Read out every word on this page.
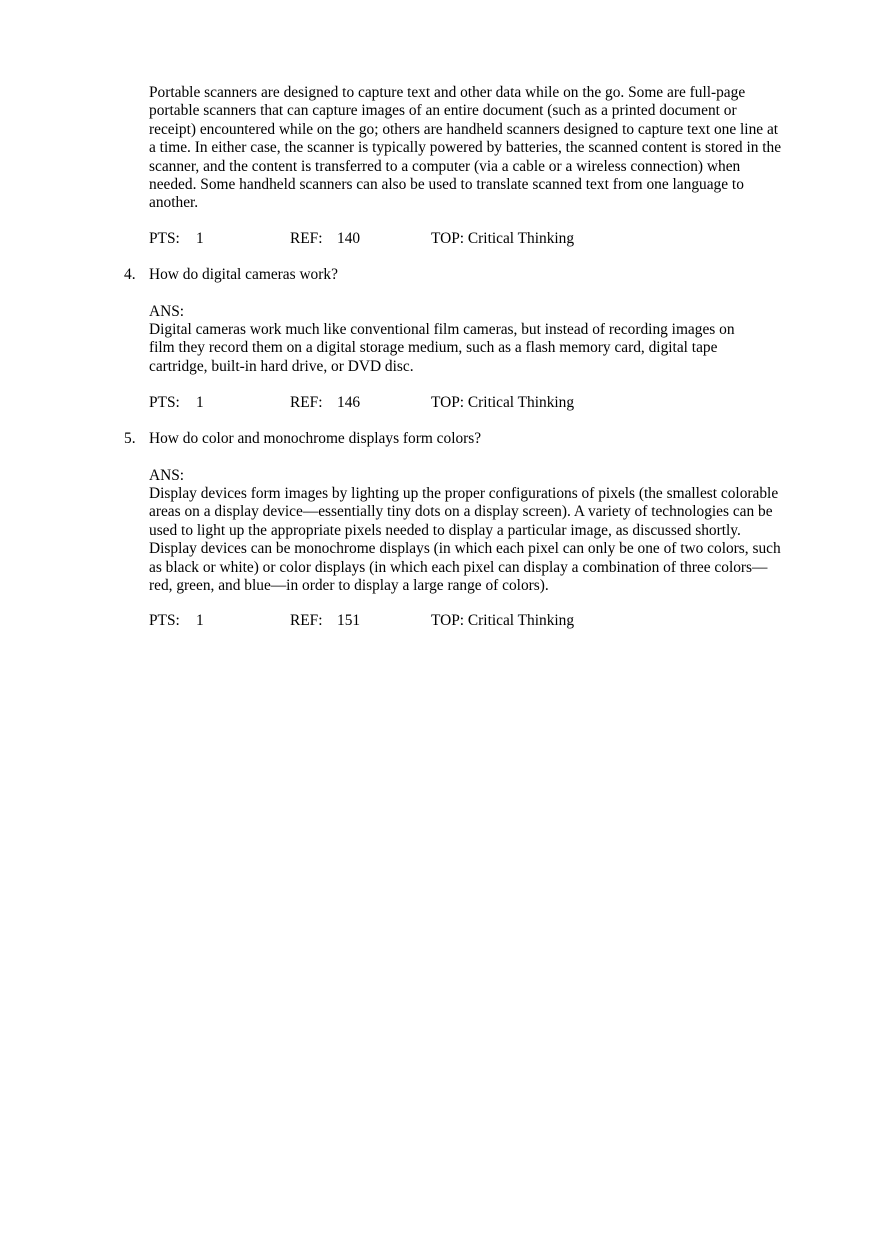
Portable scanners are designed to capture text and other data while on the go. Some are full-page
portable scanners that can capture images of an entire document (such as a printed document or
receipt) encountered while on the go; others are handheld scanners designed to capture text one line at
a time. In either case, the scanner is typically powered by batteries, the scanned content is stored in the
scanner, and the content is transferred to a computer (via a cable or a wireless connection) when
needed. Some handheld scanners can also be used to translate scanned text from one language to
another.

PTS: 1	REF: 140	TOP: Critical Thinking
4. How do digital cameras work?
ANS:

Digital cameras work much like conventional film cameras, but instead of recording images on
film they record them on a digital storage medium, such as a flash memory card, digital tape
cartridge, built-in hard drive, or DVD disc.

PTS: 1	REF: 146	TOP: Critical Thinking
5. How do color and monochrome displays form colors?
ANS:

Display devices form images by lighting up the proper configurations of pixels (the smallest colorable
areas on a display device—essentially tiny dots on a display screen). A variety of technologies can be
used to light up the appropriate pixels needed to display a particular image, as discussed shortly.
Display devices can be monochrome displays (in which each pixel can only be one of two colors, such
as black or white) or color displays (in which each pixel can display a combination of three colors—
red, green, and blue—in order to display a large range of colors).

PTS: 1	REF: 151	TOP: Critical Thinking
